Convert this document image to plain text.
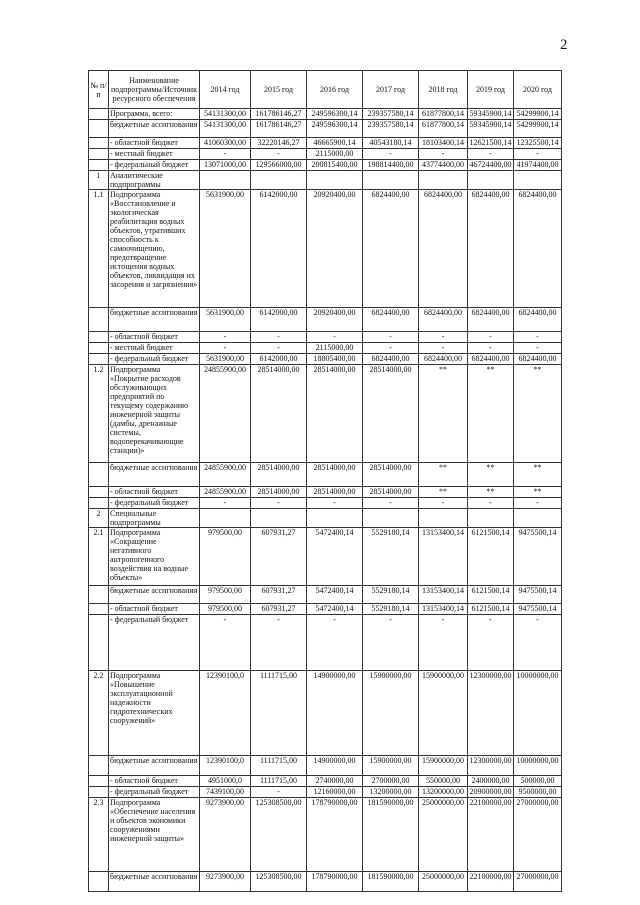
2
№ п/п	Наименование подпрограммы/Источник ресурсного обеспечения	2014 год	2015 год	2016 год	2017 год	2018 год	2019 год	2020 год
	Программа, всего:	54131300,00	161786146,27	249596300,14	239357580,14	61877800,14	59345900,14	54299900,14
	бюджетные ассигнования	54131300,00	161786146,27	249596300,14	239357580,14	61877800,14	59345900,14	54299900,14
	- областной бюджет	41060300,00	32220146,27	46665900,14	40543180,14	18103400,14	12621500,14	12325500,14
	- местный бюджет	-	-	2115000,00	-	-	-	-
	- федеральный бюджет	13071000,00	129566000,00	200815400,00	198814400,00	43774400,00	46724400,00	41974400,00
1	Аналитические подпрограммы							
1.1	Подпрограмма «Восстановление и экологическая реабилитация водных объектов, утративших способность к самоочищению, предотвращение истощения водных объектов, ликвидация их засорения и загрязнения»	5631900,00	6142000,00	20920400,00	6824400,00	6824400,00	6824400,00	6824400,00
	бюджетные ассигнования	5631900,00	6142000,00	20920400,00	6824400,00	6824400,00	6824400,00	6824400,00
	- областной бюджет	-	-	-	-	-	-	-
	- местный бюджет	-	-	2115000,00	-	-	-	-
	- федеральный бюджет	5631900,00	6142000,00	18805400,00	6824400,00	6824400,00	6824400,00	6824400,00
1.2	Подпрограмма «Покрытие расходов обслуживающих предприятий по текущему содержанию инженерной защиты (дамбы, дренажные системы, водоперекачивающие станции)»	24855900,00	28514000,00	28514000,00	28514000,00	**	**	**
	бюджетные ассигнования	24855900,00	28514000,00	28514000,00	28514000,00	**	**	**
	- областной бюджет	24855900,00	28514000,00	28514000,00	28514000,00	**	**	**
	- федеральный бюджет	-	-	-	-	-	-	-
2	Специальные подпрограммы							
2.1	Подпрограмма «Сокращение негативного антропогенного воздействия на водные объекты»	979500,00	607931,27	5472400,14	5529180,14	13153400,14	6121500,14	9475500,14
	бюджетные ассигнования	979500,00	607931,27	5472400,14	5529180,14	13153400,14	6121500,14	9475500,14
	- областной бюджет	979500,00	607931,27	5472400,14	5529180,14	13153400,14	6121500,14	9475500,14
	- федеральный бюджет	-	-	-	-	-	-	-
2.2	Подпрограмма «Повышение эксплуатационной надежности гидротехнических сооружений»	12390100,0	1111715,00	14900000,00	15900000,00	15900000,00	12300000,00	10000000,00
	бюджетные ассигнования	12390100,0	1111715,00	14900000,00	15900000,00	15900000,00	12300000,00	10000000,00
	- областной бюджет	4951000,0	1111715,00	2740000,00	2700000,00	550000,00	2400000,00	500000,00
	- федеральный бюджет	7439100,00	-	12160000,00	13200000,00	13200000,00	20900000,00	9500000,00
2.3	Подпрограмма «Обеспечение населения и объектов экономики сооружениями инженерной защиты»	9273900,00	125308500,00	178790000,00	181590000,00	25000000,00	22100000,00	27000000,00
	бюджетные ассигнования	9273900,00	125308500,00	178790000,00	181590000,00	25000000,00	22100000,00	27000000,00
